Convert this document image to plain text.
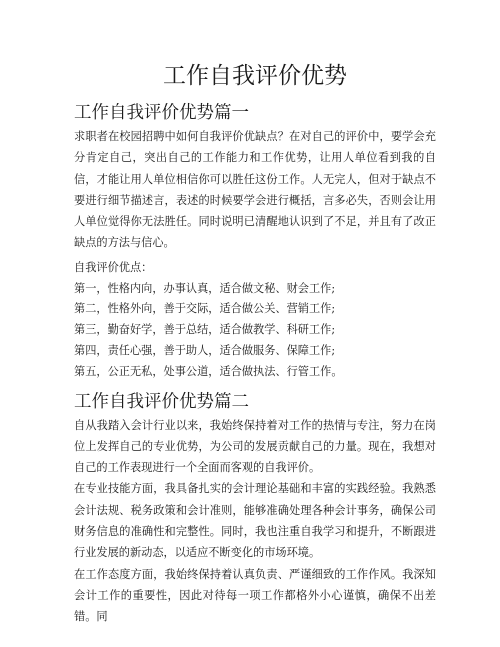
工作自我评价优势
工作自我评价优势篇一

求职者在校园招聘中如何自我评价优缺点？在对自己的评价中，要学会充分肯定自己，突出自己的工作能力和工作优势，让用人单位看到我的自信，才能让用人单位相信你可以胜任这份工作。人无完人，但对于缺点不要进行细节描述言，表述的时候要学会进行概括，言多必失，否则会让用人单位觉得你无法胜任。同时说明已清醒地认识到了不足，并且有了改正缺点的方法与信心。

自我评价优点：

第一，性格内向，办事认真，适合做文秘、财会工作;

第二，性格外向，善于交际，适合做公关、营销工作;

第三，勤奋好学，善于总结，适合做教学、科研工作;

第四，责任心强，善于助人，适合做服务、保障工作;

第五，公正无私，处事公道，适合做执法、行管工作。

工作自我评价优势篇二

自从我踏入会计行业以来，我始终保持着对工作的热情与专注，努力在岗位上发挥自己的专业优势，为公司的发展贡献自己的力量。现在，我想对自己的工作表现进行一个全面而客观的自我评价。

在专业技能方面，我具备扎实的会计理论基础和丰富的实践经验。我熟悉会计法规、税务政策和会计准则，能够准确处理各种会计事务，确保公司财务信息的准确性和完整性。同时，我也注重自我学习和提升，不断跟进行业发展的新动态，以适应不断变化的市场环境。

在工作态度方面，我始终保持着认真负责、严谨细致的工作作风。我深知会计工作的重要性，因此对待每一项工作都格外小心谨慎，确保不出差错。同
